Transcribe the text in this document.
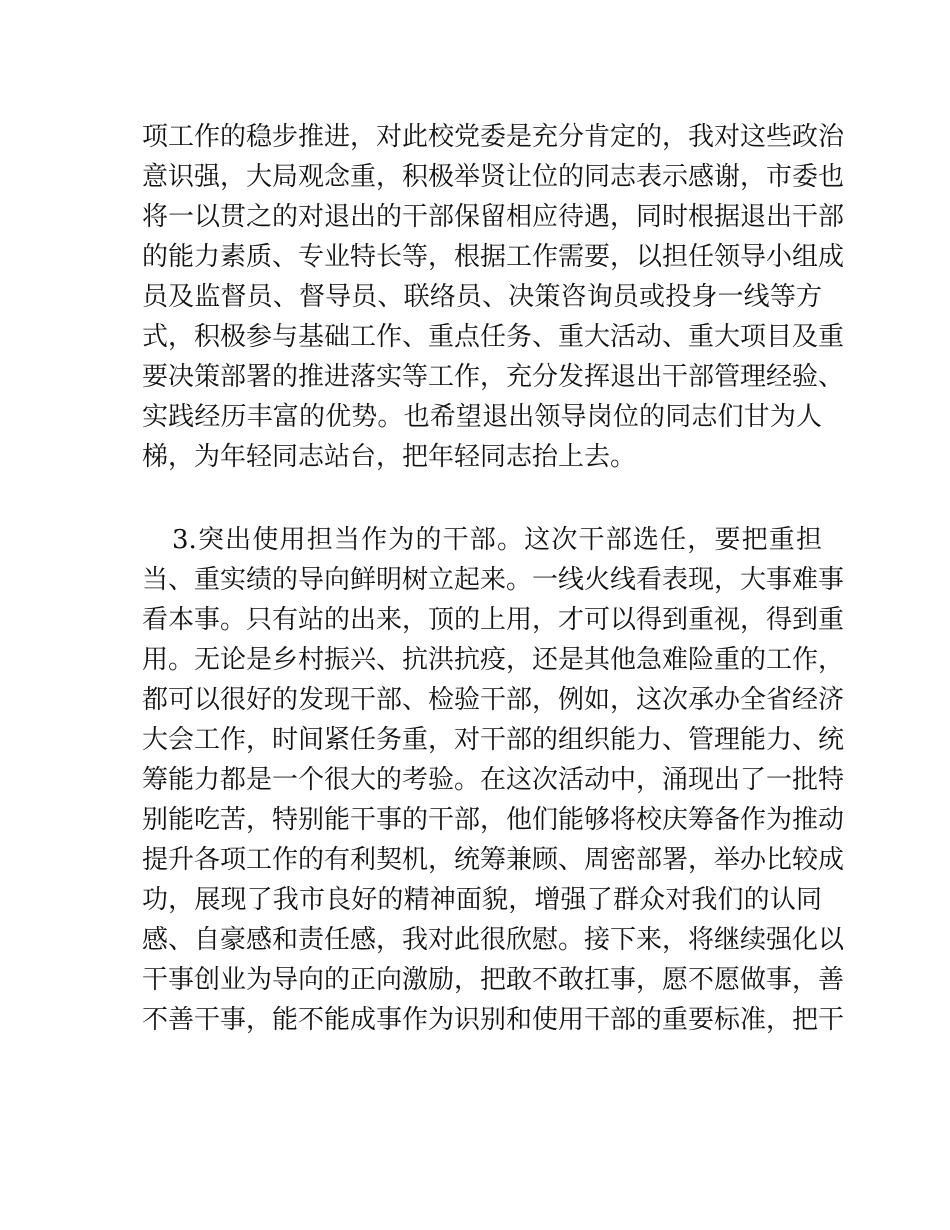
项工作的稳步推进，对此校党委是充分肯定的，我对这些政治
意识强，大局观念重，积极举贤让位的同志表示感谢，市委也
将一以贯之的对退出的干部保留相应待遇，同时根据退出干部
的能力素质、专业特长等，根据工作需要，以担任领导小组成
员及监督员、督导员、联络员、决策咨询员或投身一线等方
式，积极参与基础工作、重点任务、重大活动、重大项目及重
要决策部署的推进落实等工作，充分发挥退出干部管理经验、
实践经历丰富的优势。也希望退出领导岗位的同志们甘为人
梯，为年轻同志站台，把年轻同志抬上去。
3.突出使用担当作为的干部。这次干部选任，要把重担
当、重实绩的导向鲜明树立起来。一线火线看表现，大事难事
看本事。只有站的出来，顶的上用，才可以得到重视，得到重
用。无论是乡村振兴、抗洪抗疫，还是其他急难险重的工作，
都可以很好的发现干部、检验干部，例如，这次承办全省经济
大会工作，时间紧任务重，对干部的组织能力、管理能力、统
筹能力都是一个很大的考验。在这次活动中，涌现出了一批特
别能吃苦，特别能干事的干部，他们能够将校庆筹备作为推动
提升各项工作的有利契机，统筹兼顾、周密部署，举办比较成
功，展现了我市良好的精神面貌，增强了群众对我们的认同
感、自豪感和责任感，我对此很欣慰。接下来，将继续强化以
干事创业为导向的正向激励，把敢不敢扛事，愿不愿做事，善
不善干事，能不能成事作为识别和使用干部的重要标准，把干
